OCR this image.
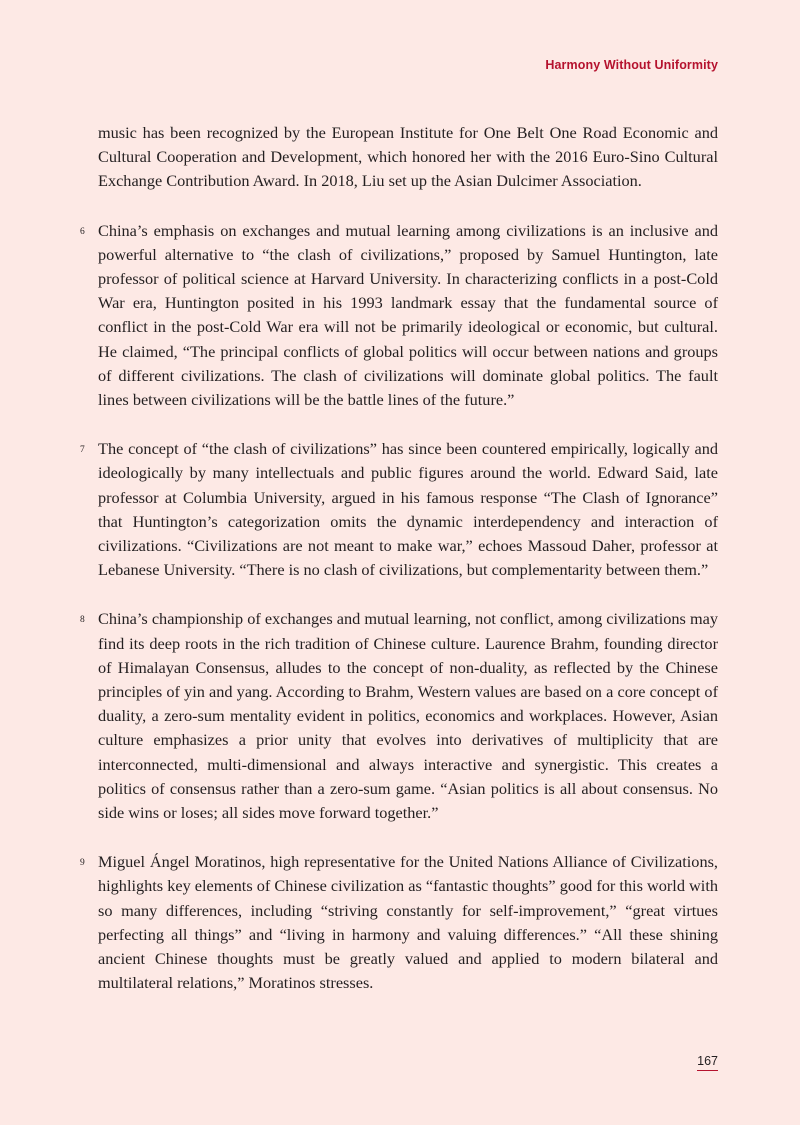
Harmony Without Uniformity

music has been recognized by the European Institute for One Belt One Road Economic and Cultural Cooperation and Development, which honored her with the 2016 Euro-Sino Cultural Exchange Contribution Award. In 2018, Liu set up the Asian Dulcimer Association.

6 China’s emphasis on exchanges and mutual learning among civilizations is an inclusive and powerful alternative to “the clash of civilizations,” proposed by Samuel Huntington, late professor of political science at Harvard University. In characterizing conflicts in a post-Cold War era, Huntington posited in his 1993 landmark essay that the fundamental source of conflict in the post-Cold War era will not be primarily ideological or economic, but cultural. He claimed, “The principal conflicts of global politics will occur between nations and groups of different civilizations. The clash of civilizations will dominate global politics. The fault lines between civilizations will be the battle lines of the future.”

7 The concept of “the clash of civilizations” has since been countered empirically, logically and ideologically by many intellectuals and public figures around the world. Edward Said, late professor at Columbia University, argued in his famous response “The Clash of Ignorance” that Huntington’s categorization omits the dynamic interdependency and interaction of civilizations. “Civilizations are not meant to make war,” echoes Massoud Daher, professor at Lebanese University. “There is no clash of civilizations, but complementarity between them.”

8 China’s championship of exchanges and mutual learning, not conflict, among civilizations may find its deep roots in the rich tradition of Chinese culture. Laurence Brahm, founding director of Himalayan Consensus, alludes to the concept of non-duality, as reflected by the Chinese principles of yin and yang. According to Brahm, Western values are based on a core concept of duality, a zero-sum mentality evident in politics, economics and workplaces. However, Asian culture emphasizes a prior unity that evolves into derivatives of multiplicity that are interconnected, multi-dimensional and always interactive and synergistic. This creates a politics of consensus rather than a zero-sum game. “Asian politics is all about consensus. No side wins or loses; all sides move forward together.”

9 Miguel Ángel Moratinos, high representative for the United Nations Alliance of Civilizations, highlights key elements of Chinese civilization as “fantastic thoughts” good for this world with so many differences, including “striving constantly for self-improvement,” “great virtues perfecting all things” and “living in harmony and valuing differences.” “All these shining ancient Chinese thoughts must be greatly valued and applied to modern bilateral and multilateral relations,” Moratinos stresses.

167
